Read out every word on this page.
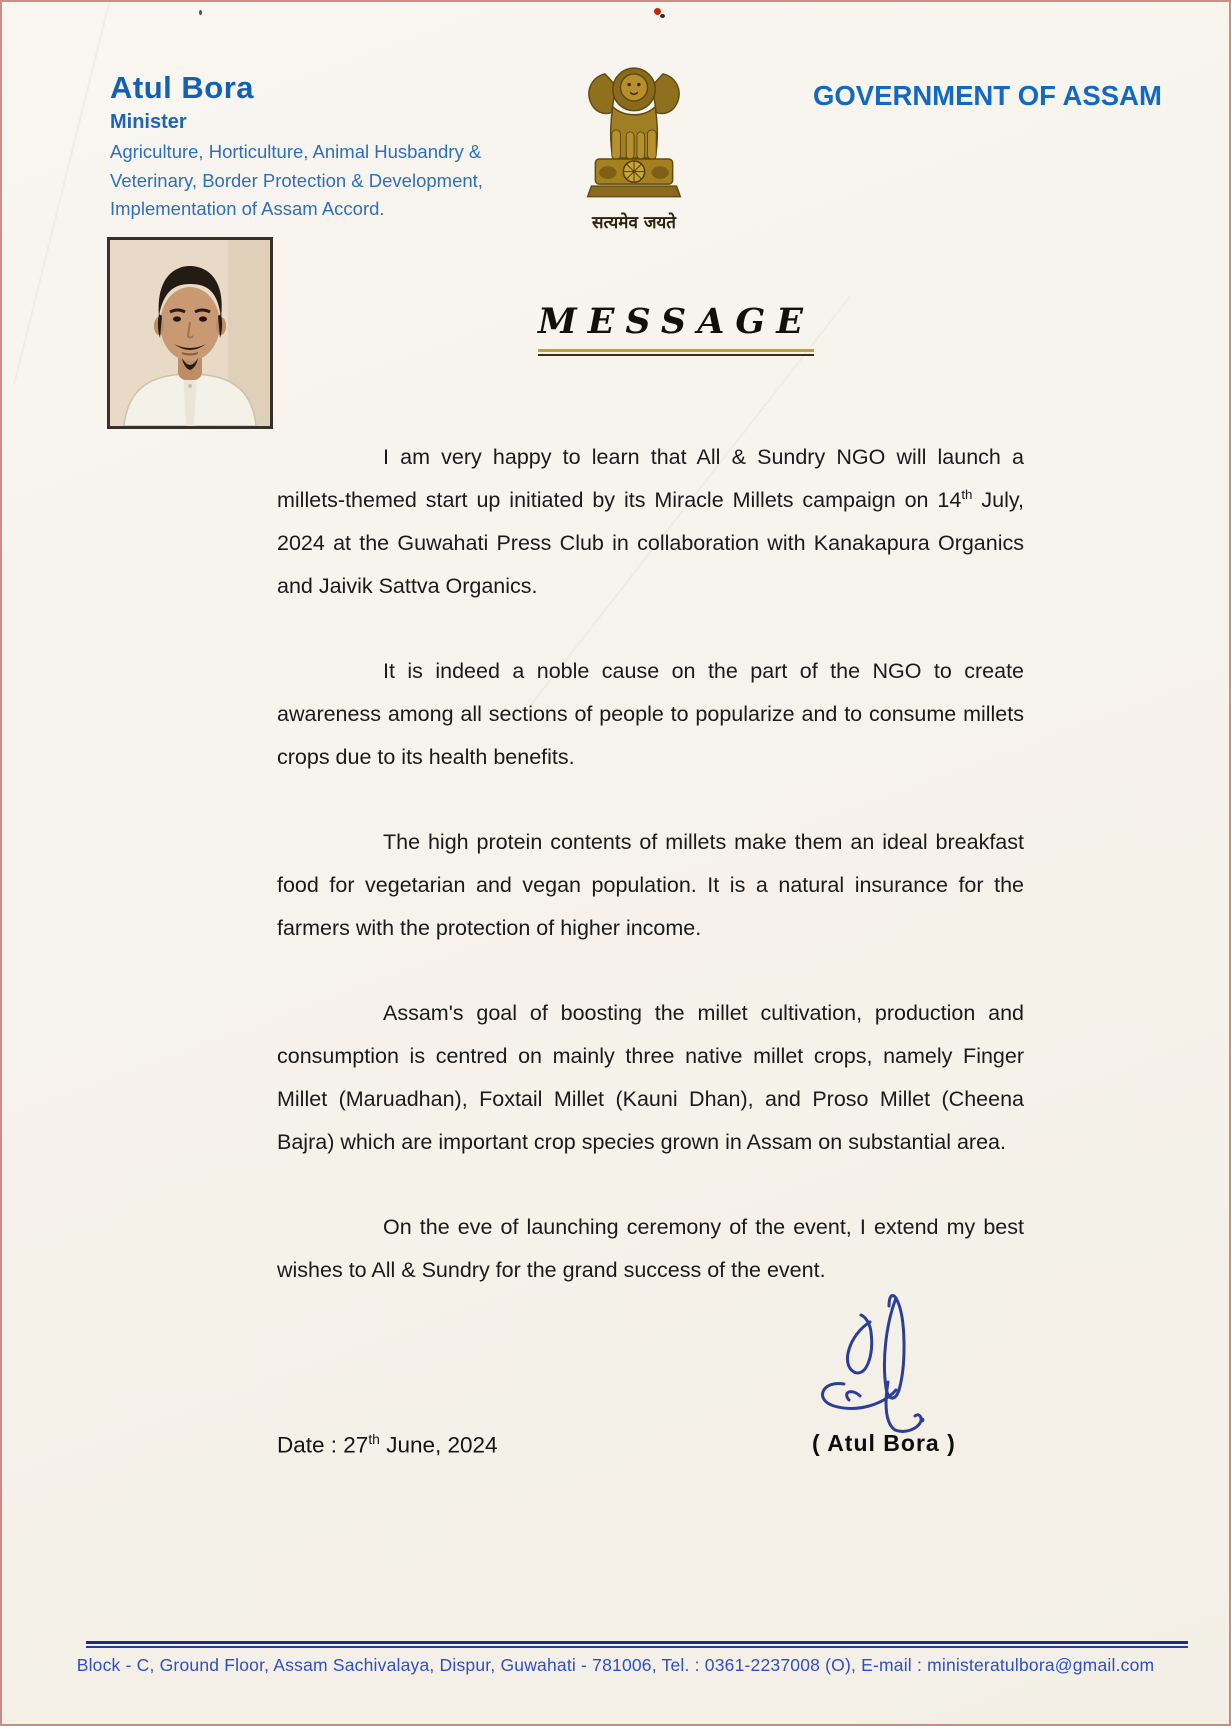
Atul Bora
Minister
Agriculture, Horticulture, Animal Husbandry &
Veterinary, Border Protection & Development,
Implementation of Assam Accord.
सत्यमेव जयते
GOVERNMENT OF ASSAM
MESSAGE

I am very happy to learn that All & Sundry NGO will launch a millets-themed start up initiated by its Miracle Millets campaign on 14th July, 2024 at the Guwahati Press Club in collaboration with Kanakapura Organics and Jaivik Sattva Organics.

It is indeed a noble cause on the part of the NGO to create awareness among all sections of people to popularize and to consume millets crops due to its health benefits.

The high protein contents of millets make them an ideal breakfast food for vegetarian and vegan population. It is a natural insurance for the farmers with the protection of higher income.

Assam's goal of boosting the millet cultivation, production and consumption is centred on mainly three native millet crops, namely Finger Millet (Maruadhan), Foxtail Millet (Kauni Dhan), and Proso Millet (Cheena Bajra) which are important crop species grown in Assam on substantial area.

On the eve of launching ceremony of the event, I extend my best wishes to All & Sundry for the grand success of the event.

( Atul Bora )
Date : 27th June, 2024
Block - C, Ground Floor, Assam Sachivalaya, Dispur, Guwahati - 781006, Tel. : 0361-2237008 (O), E-mail : ministeratulbora@gmail.com
